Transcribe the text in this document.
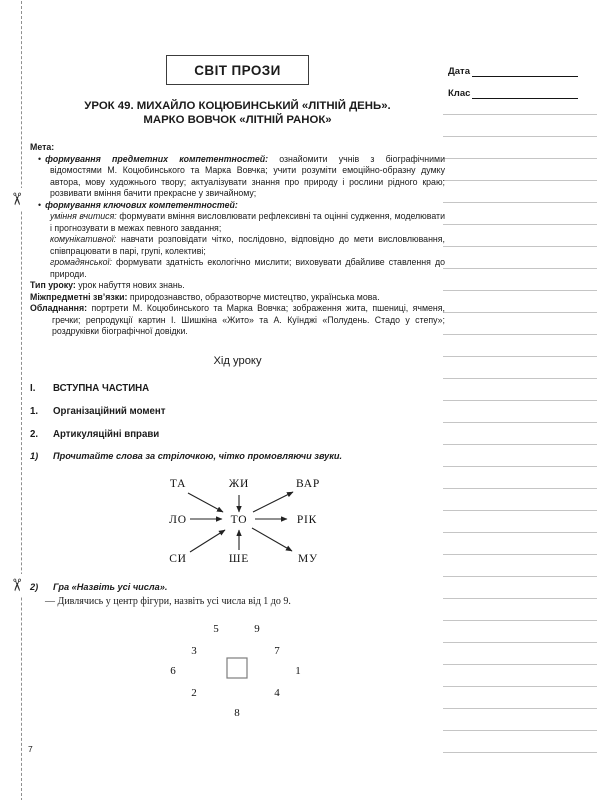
✂
✂
Дата
Клас
СВІТ ПРОЗИ
УРОК 49. МИХАЙЛО КОЦЮБИНСЬКИЙ «ЛІТНІЙ ДЕНЬ».
МАРКО ВОВЧОК «ЛІТНІЙ РАНОК»
Мета:
• формування предметних компетентностей: ознайомити учнів з біографічними відомостями М. Коцюбинського та Марка Вовчка; учити розуміти емоційно-образну думку автора, мову художнього твору; актуалізувати знання про природу і рослини рідного краю; розвивати вміння бачити прекрасне у звичайному;
• формування ключових компетентностей:
уміння вчитися: формувати вміння висловлювати рефлексивні та оцінні судження, моделювати і прогнозувати в межах певного завдання;
комунікативної: навчати розповідати чітко, послідовно, відповідно до мети висловлювання, співпрацювати в парі, групі, колективі;
громадянської: формувати здатність екологічно мислити; виховувати дбайливе ставлення до природи.

Тип уроку: урок набуття нових знань.

Міжпредметні зв’язки: природознавство, образотворче мистецтво, українська мова.

Обладнання: портрети М. Коцюбинського та Марка Вовчка; зображення жита, пшениці, ячменя, гречки; репродукції картин І. Шишкіна «Жито» та А. Куїнджі «Полудень. Стадо у степу»; роздруківки біографічної довідки.

Хід уроку
I. ВСТУПНА ЧАСТИНА
1. Організаційний момент
2. Артикуляційні вправи
1) Прочитайте слова за стрілочкою, чітко промовляючи звуки.
ТА	ЖИ	ВАР
ЛО	ТО	РІК
СИ	ШЕ	МУ
2) Гра «Назвіть усі числа».
— Дивлячись у центр фігури, назвіть усі числа від 1 до 9.
5	9
3	7
6	1
2	4
8
7
